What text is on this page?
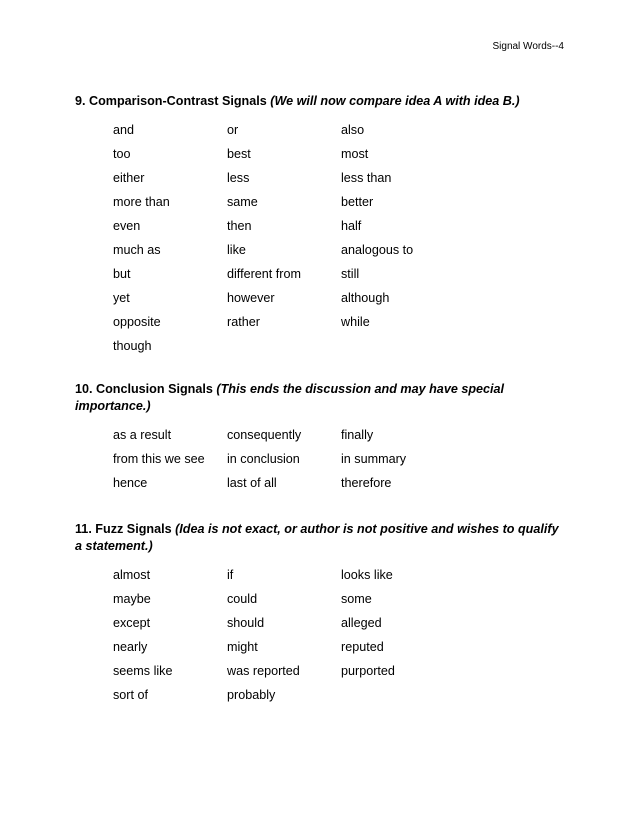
Signal Words--4
9. Comparison-Contrast Signals (We will now compare idea A with idea B.)
and	or	also
too	best	most
either	less	less than
more than	same	better
even	then	half
much as	like	analogous to
but	different from	still
yet	however	although
opposite	rather	while
though
10. Conclusion Signals (This ends the discussion and may have special importance.)
as a result	consequently	finally
from this we see	in conclusion	in summary
hence	last of all	therefore
11. Fuzz Signals (Idea is not exact, or author is not positive and wishes to qualify a statement.)
almost	if	looks like
maybe	could	some
except	should	alleged
nearly	might	reputed
seems like	was reported	purported
sort of	probably
